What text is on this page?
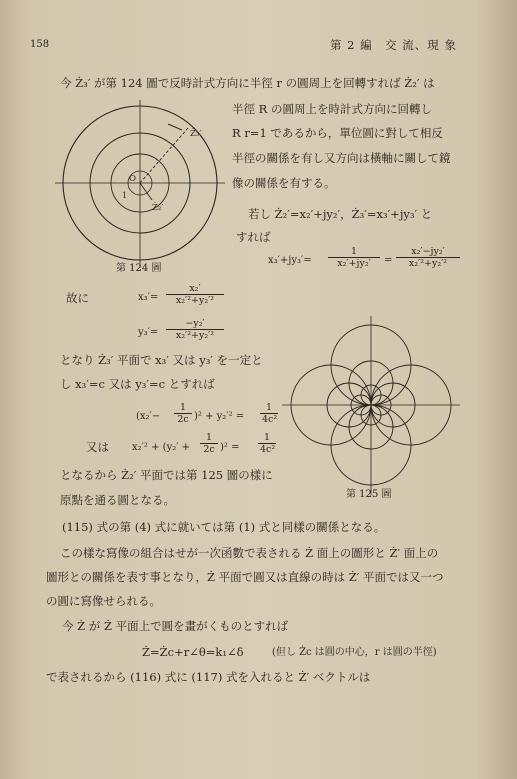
158	第 2 編　交 流、現 象
今 Ż₃′ が第 124 圖で反時計式方向に半徑 r の圓周上を回轉すれば Ż₂′ は
半徑 R の圓周上を時計式方向に回轉し
R r=1 であるから，單位圓に對して相反
半徑の關係を有し又方向は橫軸に關して鏡
像の關係を有する。
Ż₃′
Ż₂′
O
1
第 124 圖
若し Ż₂′=x₂′+jy₂′，Ż₃′=x₃′+jy₃′ と
すれば
x₃′+jy₃′=
1
x₂′+jy₂′	=
x₂′−jy₂′
x₂′²+y₂′²
故に	$x_3'= \frac{\text{x₂′}}{\text{x₂′²+y₂′²}}$
$y_3'= \frac{\text{−y₂′}}{\text{x₂′²+y₂′²}}$
となり Ż₃′ 平面で x₃′ 又は y₃′ を一定と
し x₃′=c 又は y₃′=c とすれば
$(x_2'- \frac{1}{2c} )^2 + y_2'^2 = \frac{1}{\text{4c²}}$
又は $x_2'^2 + (y_2' + \frac{1}{2c} )^2 = \frac{1}{\text{4c²}}$
となるから Ż₂′ 平面では第 125 圖の樣に
原點を通る圓となる。	第 125 圖
(115) 式の第 (4) 式に就いては第 (1) 式と同樣の關係となる。
この樣な寫像の組合はせが一次函數で表される Ż 面上の圖形と Ż′ 面上の
圖形との關係を表す事となり，Ż 平面で圓又は直線の時は Ż′ 平面では又一つ
の圓に寫像せられる。
今 Ż が Ż 平面上で圓を畫がくものとすれば
Ż=Żc+r∠θ=k₁∠δ	(但し Żc は圓の中心，r は圓の半徑)
で表されるから (116) 式に (117) 式を入れると Ż′ ベクトルは
